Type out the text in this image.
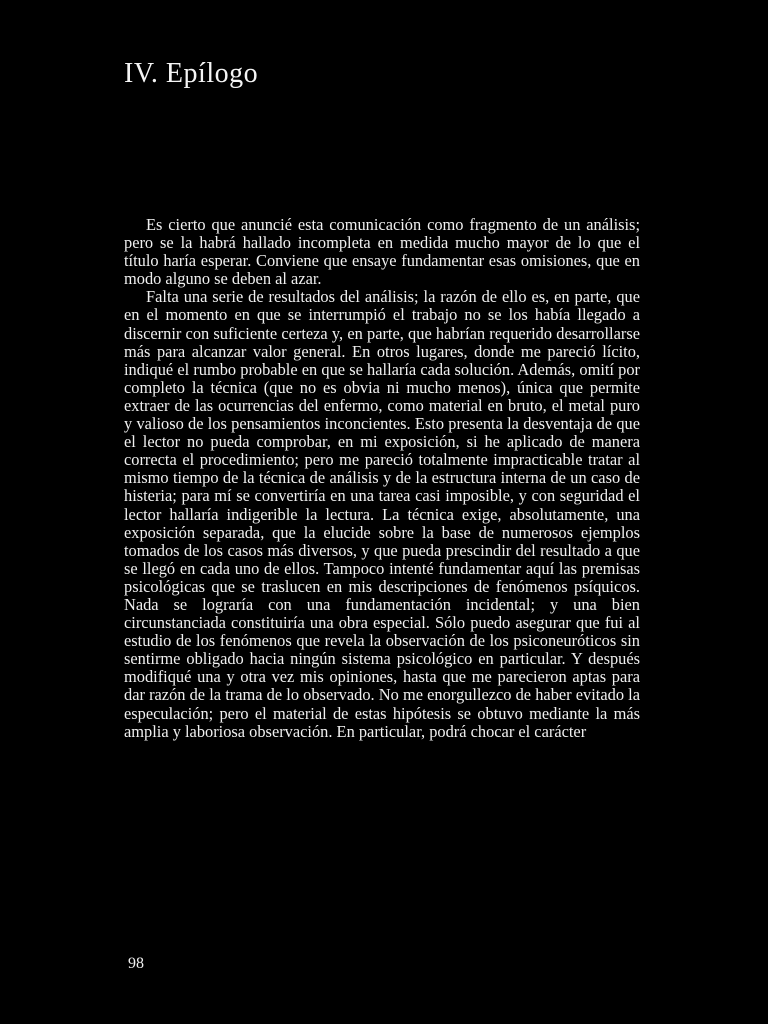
IV. Epílogo

Es cierto que anuncié esta comunicación como fragmento de un análisis; pero se la habrá hallado incompleta en medida mucho mayor de lo que el título haría esperar. Conviene que ensaye fundamentar esas omisiones, que en modo alguno se deben al azar.

Falta una serie de resultados del análisis; la razón de ello es, en parte, que en el momento en que se interrumpió el trabajo no se los había llegado a discernir con suficiente certeza y, en parte, que habrían requerido desarrollarse más para alcanzar valor general. En otros lugares, donde me pareció lícito, indiqué el rumbo probable en que se hallaría cada solución. Además, omití por completo la técnica (que no es obvia ni mucho menos), única que permite extraer de las ocurrencias del enfermo, como material en bruto, el metal puro y valioso de los pensamientos inconcientes. Esto presenta la desventaja de que el lector no pueda comprobar, en mi exposición, si he aplicado de manera correcta el procedimiento; pero me pareció totalmente impracticable tratar al mismo tiempo de la técnica de análisis y de la estructura interna de un caso de histeria; para mí se convertiría en una tarea casi imposible, y con seguridad el lector hallaría indigerible la lectura. La técnica exige, absolutamente, una exposición separada, que la elucide sobre la base de numerosos ejemplos tomados de los casos más diversos, y que pueda prescindir del resultado a que se llegó en cada uno de ellos. Tampoco intenté fundamentar aquí las premisas psicológicas que se traslucen en mis descripciones de fenómenos psíquicos. Nada se lograría con una fundamentación incidental; y una bien circunstanciada constituiría una obra especial. Sólo puedo asegurar que fui al estudio de los fenómenos que revela la observación de los psiconeuróticos sin sentirme obligado hacia ningún sistema psicológico en particular. Y después modifiqué una y otra vez mis opiniones, hasta que me parecieron aptas para dar razón de la trama de lo observado. No me enorgullezco de haber evitado la especulación; pero el material de estas hipótesis se obtuvo mediante la más amplia y laboriosa observación. En particular, podrá chocar el carácter

98
